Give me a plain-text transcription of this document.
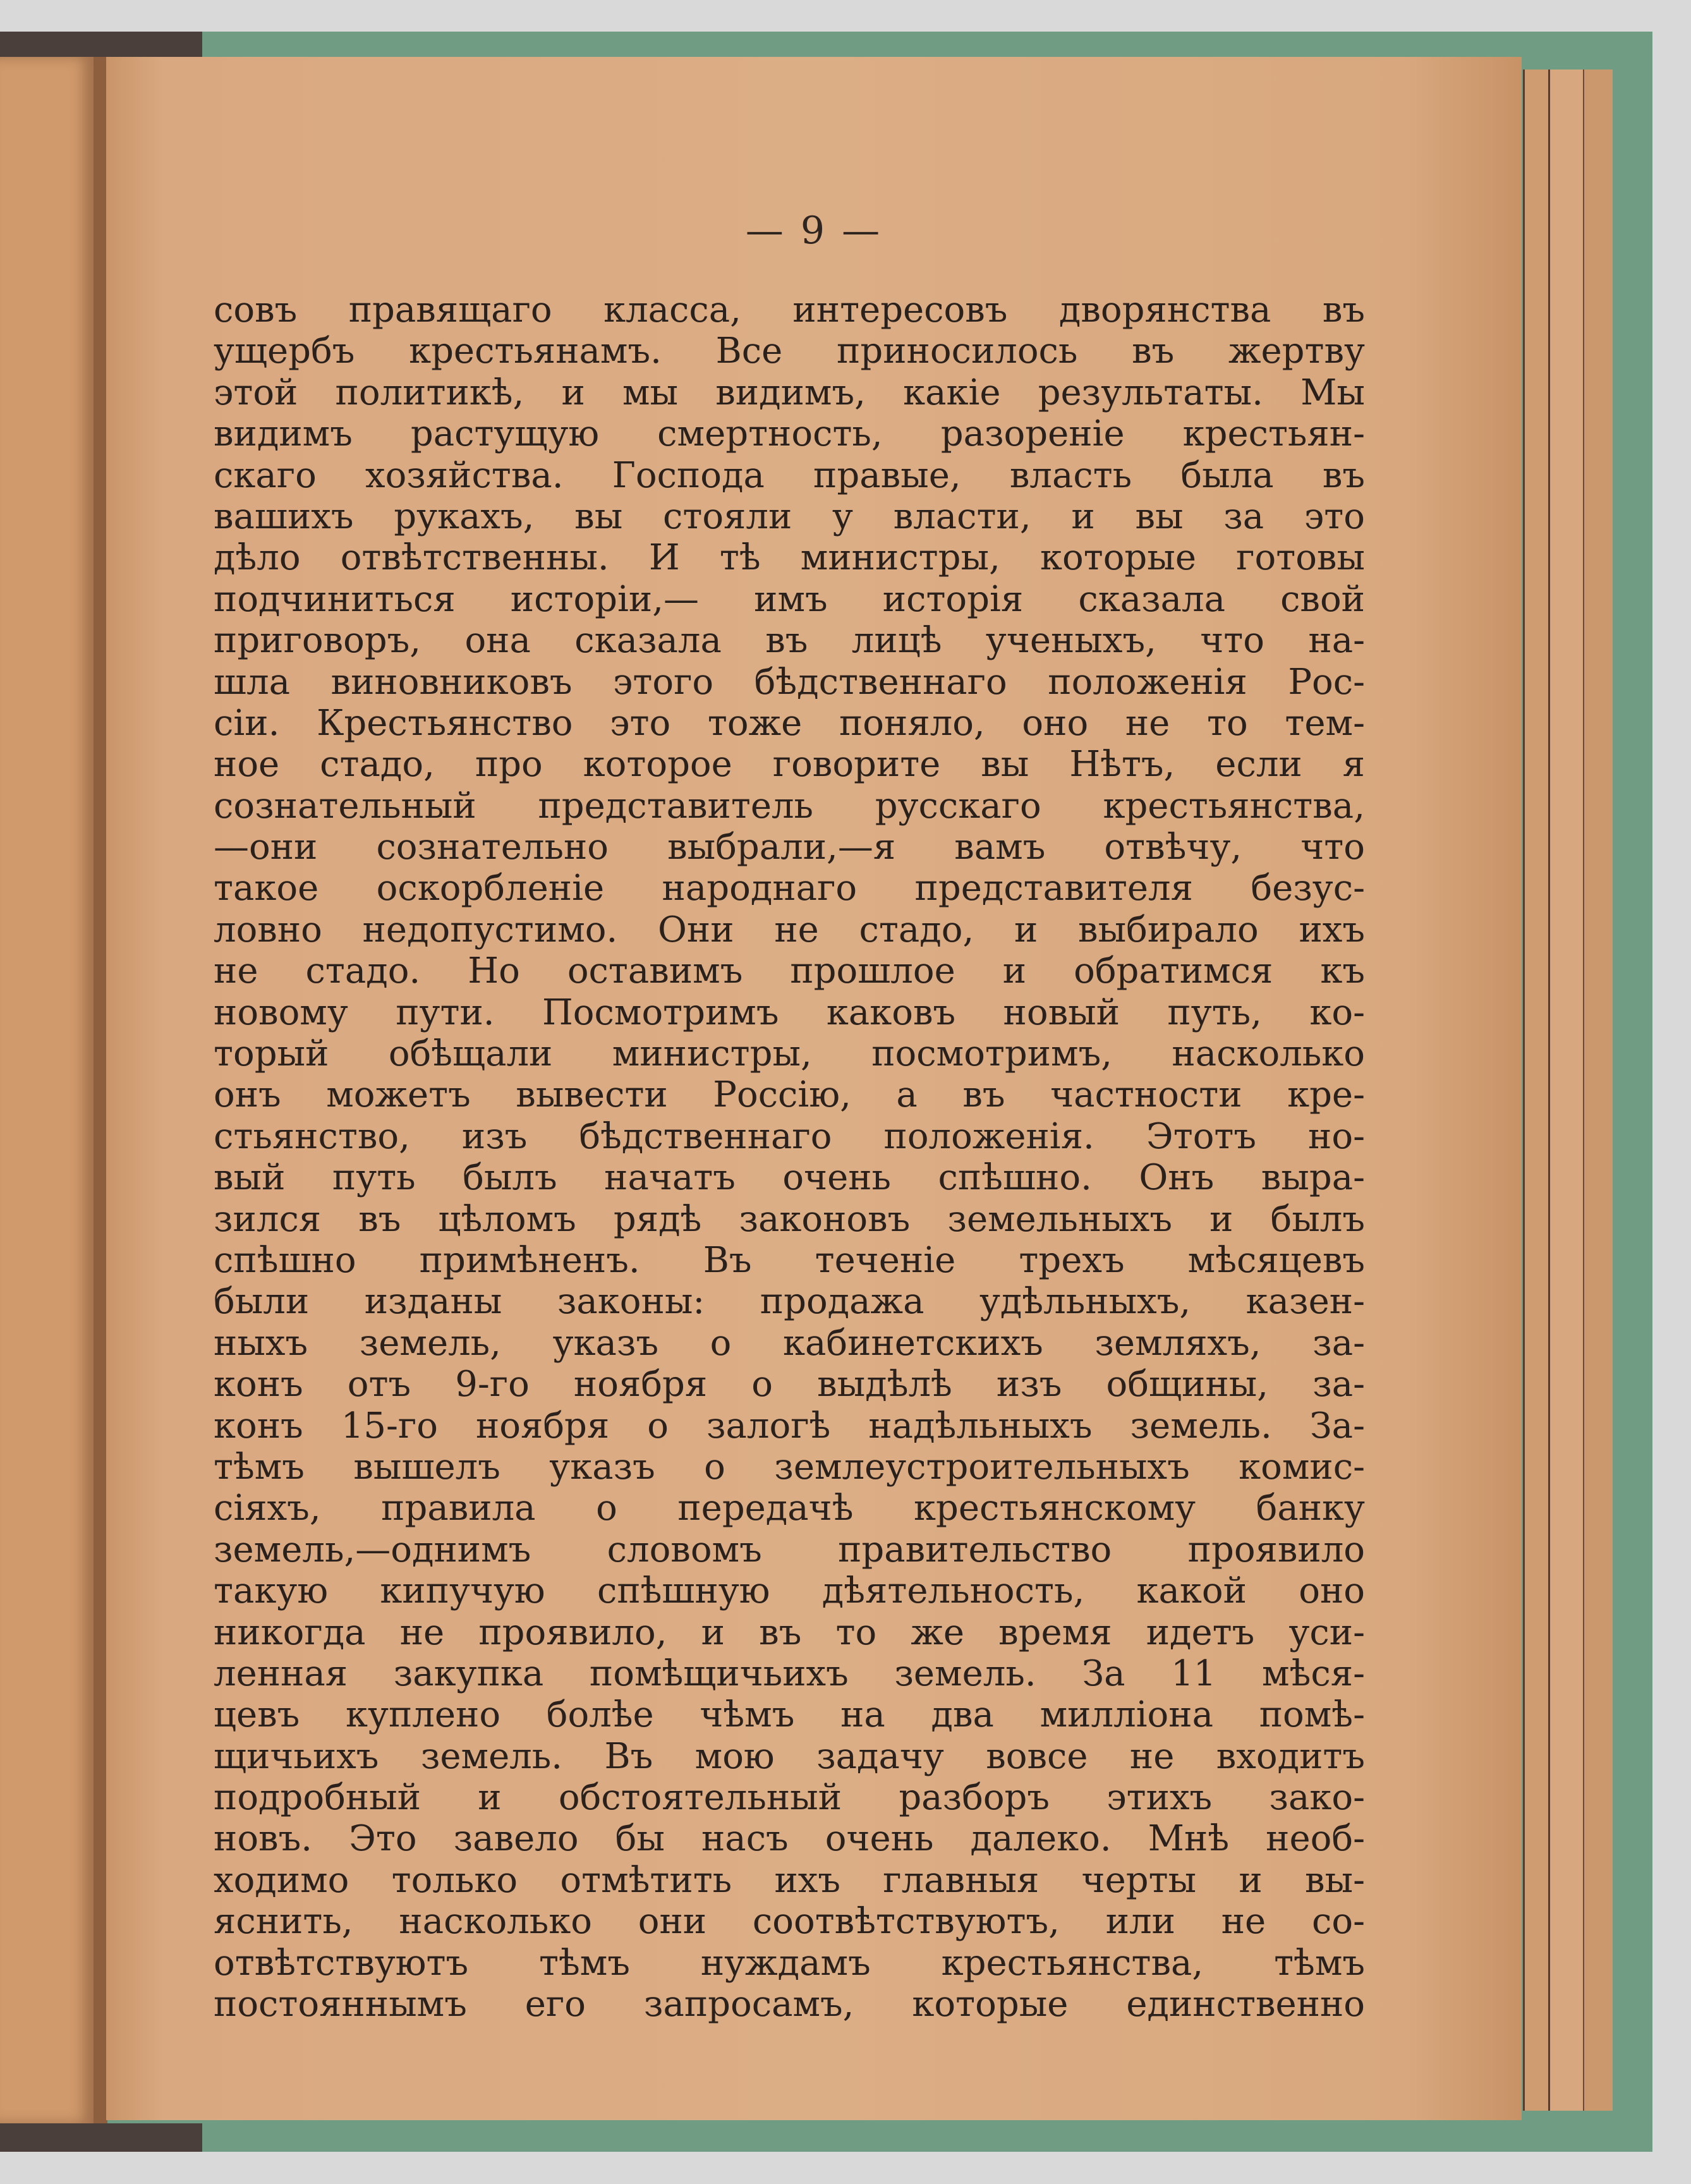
— 9 —
совъ правящаго класса, интересовъ дворянства въ
ущербъ крестьянамъ. Все приносилось въ жертву
этой политикѣ, и мы видимъ, какіе результаты. Мы
видимъ растущую смертность, разореніе крестьян-
скаго хозяйства. Господа правые, власть была въ
вашихъ рукахъ, вы стояли у власти, и вы за это
дѣло отвѣтственны. И тѣ министры, которые готовы
подчиниться исторіи,— имъ исторія сказала свой
приговоръ, она сказала въ лицѣ ученыхъ, что на-
шла виновниковъ этого бѣдственнаго положенія Рос-
сіи. Крестьянство это тоже поняло, оно не то тем-
ное стадо, про которое говорите вы Нѣтъ, если я
сознательный представитель русскаго крестьянства,
—они сознательно выбрали,—я вамъ отвѣчу, что
такое оскорбленіе народнаго представителя безус-
ловно недопустимо. Они не стадо, и выбирало ихъ
не стадо. Но оставимъ прошлое и обратимся къ
новому пути. Посмотримъ каковъ новый путь, ко-
торый обѣщали министры, посмотримъ, насколько
онъ можетъ вывести Россію, а въ частности кре-
стьянство, изъ бѣдственнаго положенія. Этотъ но-
вый путь былъ начатъ очень спѣшно. Онъ выра-
зился въ цѣломъ рядѣ законовъ земельныхъ и былъ
спѣшно примѣненъ. Въ теченіе трехъ мѣсяцевъ
были изданы законы: продажа удѣльныхъ, казен-
ныхъ земель, указъ о кабинетскихъ земляхъ, за-
конъ отъ 9-го ноября о выдѣлѣ изъ общины, за-
конъ 15-го ноября о залогѣ надѣльныхъ земель. За-
тѣмъ вышелъ указъ о землеустроительныхъ комис-
сіяхъ, правила о передачѣ крестьянскому банку
земель,—однимъ словомъ правительство проявило
такую кипучую спѣшную дѣятельность, какой оно
никогда не проявило, и въ то же время идетъ уси-
ленная закупка помѣщичьихъ земель. За 11 мѣся-
цевъ куплено болѣе чѣмъ на два милліона помѣ-
щичьихъ земель. Въ мою задачу вовсе не входитъ
подробный и обстоятельный разборъ этихъ зако-
новъ. Это завело бы насъ очень далеко. Мнѣ необ-
ходимо только отмѣтить ихъ главныя черты и вы-
яснить, насколько они соотвѣтствуютъ, или не со-
отвѣтствуютъ тѣмъ нуждамъ крестьянства, тѣмъ
постояннымъ его запросамъ, которые единственно
